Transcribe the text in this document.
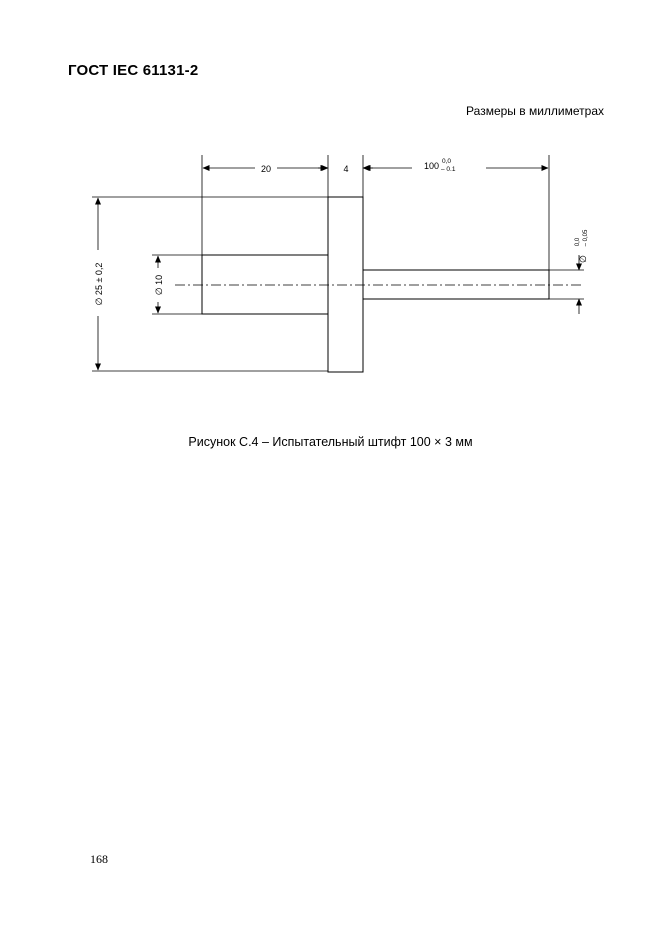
ГОСТ IEC 61131-2
Размеры в миллиметрах
20	4	100 0,0
– 0.1
∅ 25 ± 0,2	∅ 10
∅
0,0 – 0,05
Рисунок С.4 – Испытательный штифт 100 × 3 мм
168
